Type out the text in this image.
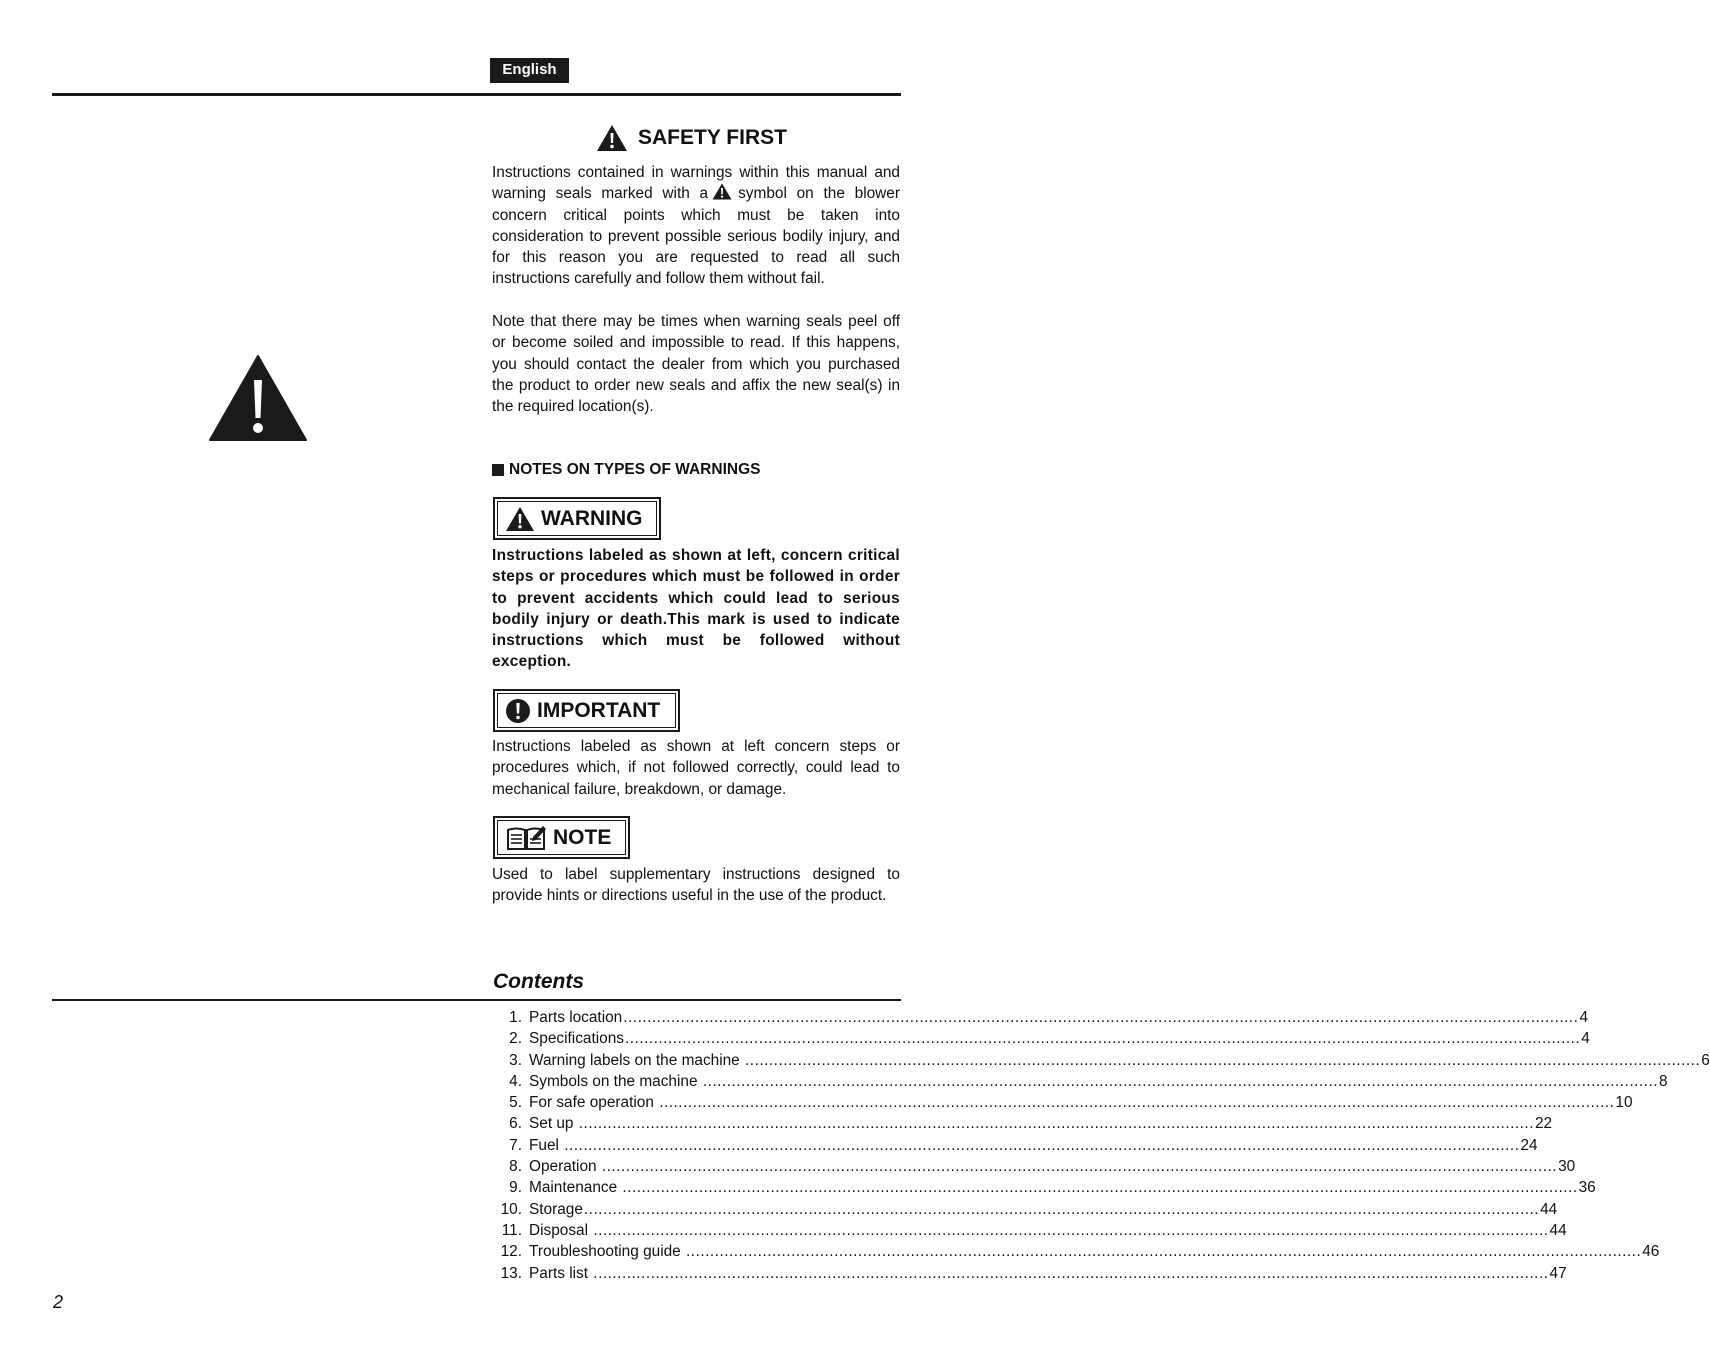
English
SAFETY FIRST

Instructions contained in warnings within this manual and warning seals marked with a symbol on the blower concern critical points which must be taken into consideration to prevent possible serious bodily injury, and for this reason you are requested to read all such instructions carefully and follow them without fail.

Note that there may be times when warning seals peel off or become soiled and impossible to read. If this happens, you should contact the dealer from which you purchased the product to order new seals and affix the new seal(s) in the required location(s).

NOTES ON TYPES OF WARNINGS
WARNING

Instructions labeled as shown at left, concern critical steps or procedures which must be followed in order to prevent accidents which could lead to serious bodily injury or death.This mark is used to indicate instructions which must be followed without exception.

IMPORTANT

Instructions labeled as shown at left concern steps or procedures which, if not followed correctly, could lead to mechanical failure, breakdown, or damage.

NOTE

Used to label supplementary instructions designed to provide hints or directions useful in the use of the product.

Contents
1. Parts location ........................................................................................................................................................................................................ 4
2. Specifications ........................................................................................................................................................................................................ 4
3. Warning labels on the machine ........................................................................................................................................................................................................ 6
4. Symbols on the machine ........................................................................................................................................................................................................ 8
5. For safe operation ........................................................................................................................................................................................................ 10
6. Set up ........................................................................................................................................................................................................ 22
7. Fuel ........................................................................................................................................................................................................ 24
8. Operation ........................................................................................................................................................................................................ 30
9. Maintenance ........................................................................................................................................................................................................ 36
10. Storage ........................................................................................................................................................................................................ 44
11. Disposal ........................................................................................................................................................................................................ 44
12. Troubleshooting guide ........................................................................................................................................................................................................ 46
13. Parts list ........................................................................................................................................................................................................ 47
2
